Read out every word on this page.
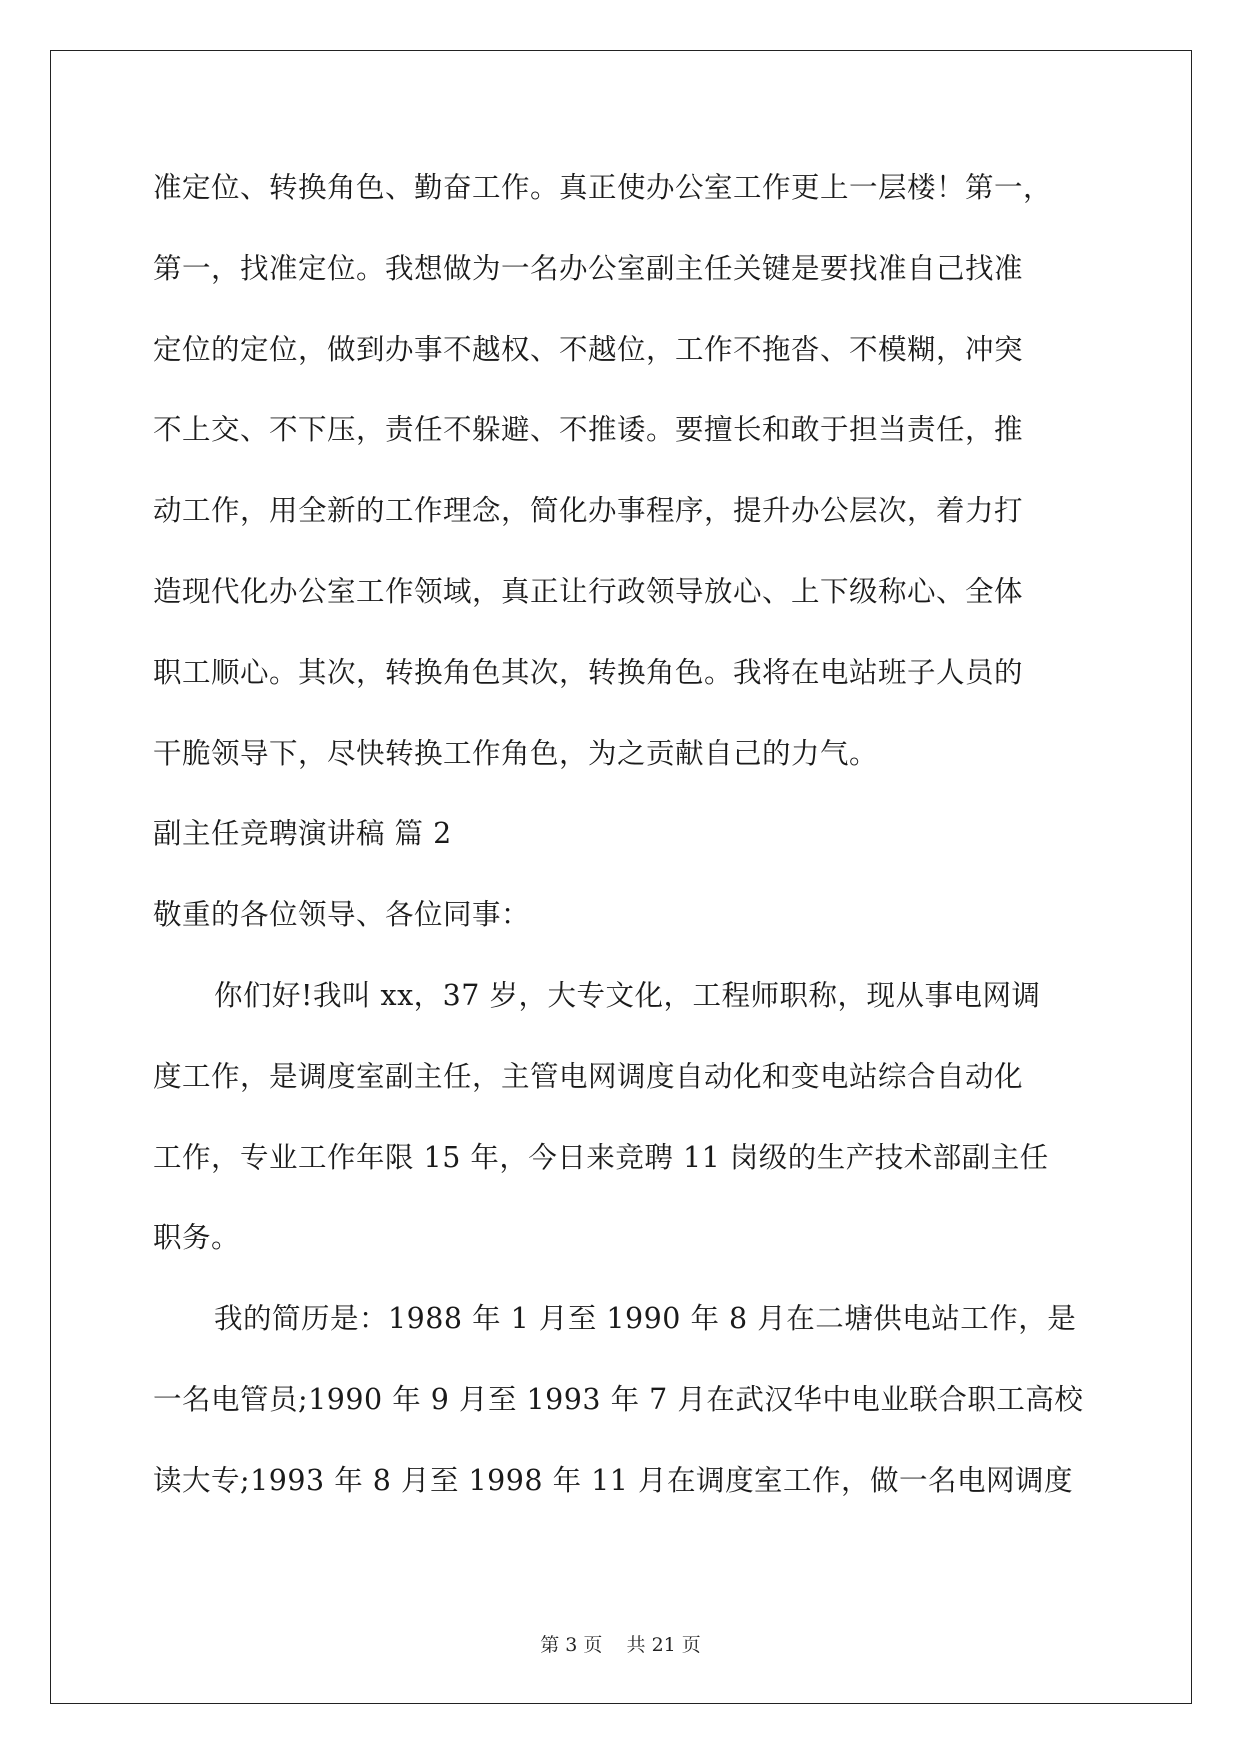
准定位、转换角色、勤奋工作。真正使办公室工作更上一层楼！第一，
第一，找准定位。我想做为一名办公室副主任关键是要找准自己找准
定位的定位，做到办事不越权、不越位，工作不拖沓、不模糊，冲突
不上交、不下压，责任不躲避、不推诿。要擅长和敢于担当责任，推
动工作，用全新的工作理念，简化办事程序，提升办公层次，着力打
造现代化办公室工作领域，真正让行政领导放心、上下级称心、全体
职工顺心。其次，转换角色其次，转换角色。我将在电站班子人员的
干脆领导下，尽快转换工作角色，为之贡献自己的力气。
副主任竞聘演讲稿 篇 2
敬重的各位领导、各位同事：
你们好!我叫 xx，37 岁，大专文化，工程师职称，现从事电网调
度工作，是调度室副主任，主管电网调度自动化和变电站综合自动化
工作，专业工作年限 15 年，今日来竞聘 11 岗级的生产技术部副主任
职务。
我的简历是：1988 年 1 月至 1990 年 8 月在二塘供电站工作，是
一名电管员;1990 年 9 月至 1993 年 7 月在武汉华中电业联合职工高校
读大专;1993 年 8 月至 1998 年 11 月在调度室工作，做一名电网调度
第 3 页    共 21 页
